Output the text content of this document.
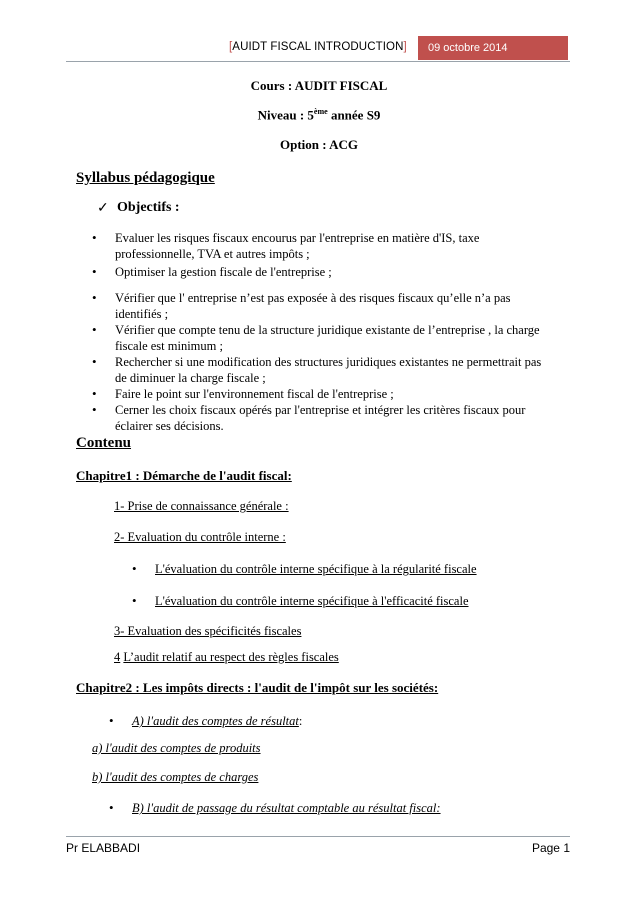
[AUIDT FISCAL INTRODUCTION]	09 octobre 2014
Cours : AUDIT FISCAL
Niveau : 5ème année S9
Option : ACG
Syllabus pédagogique
✓ Objectifs :
• Evaluer les risques fiscaux encourus par l'entreprise en matière d'IS, taxe
professionnelle, TVA et autres impôts ;
• Optimiser la gestion fiscale de l'entreprise ;
• Vérifier que l' entreprise n’est pas exposée à des risques fiscaux qu’elle n’a pas
identifiés ;
• Vérifier que compte tenu de la structure juridique existante de l’entreprise , la charge
fiscale est minimum ;
• Rechercher si une modification des structures juridiques existantes ne permettrait pas
de diminuer la charge fiscale ;
• Faire le point sur l'environnement fiscal de l'entreprise ;
• Cerner les choix fiscaux opérés par l'entreprise et intégrer les critères fiscaux pour
éclairer ses décisions.
Contenu
Chapitre1 : Démarche de l'audit fiscal:
1- Prise de connaissance générale :
2- Evaluation du contrôle interne :
• L'évaluation du contrôle interne spécifique à la régularité fiscale
• L'évaluation du contrôle interne spécifique à l'efficacité fiscale
3- Evaluation des spécificités fiscales
4 L’audit relatif au respect des règles fiscales
Chapitre2 : Les impôts directs : l'audit de l'impôt sur les sociétés:
• A) l'audit des comptes de résultat:
a) l'audit des comptes de produits
b) l'audit des comptes de charges
• B) l'audit de passage du résultat comptable au résultat fiscal:
Pr ELABBADI	Page 1
